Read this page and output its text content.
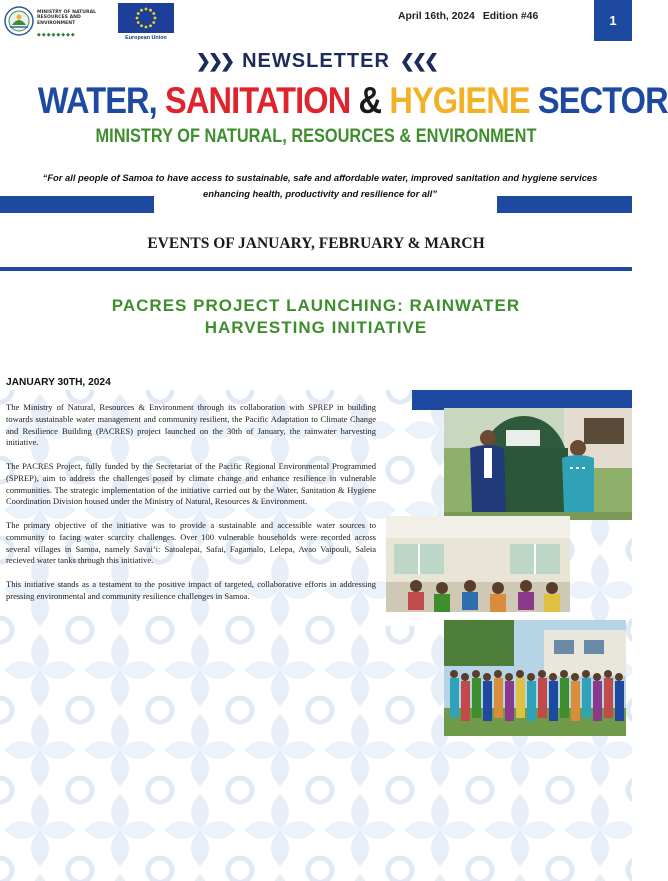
MINISTRY OF NATURAL RESOURCES AND ENVIRONMENT
◆◆◆◆◆◆◆◆	European Union
April 16th, 2024 Edition #46	1
❯❯❯ NEWSLETTER ❮❮❮
WATER, SANITATION & HYGIENE SECTOR
MINISTRY OF NATURAL, RESOURCES & ENVIRONMENT
“For all people of Samoa to have access to sustainable, safe and affordable water, improved sanitation and hygiene services enhancing health, productivity and resilience for all”
EVENTS OF JANUARY, FEBRUARY & MARCH
PACRES PROJECT LAUNCHING: RAINWATER HARVESTING INITIATIVE
JANUARY 30TH, 2024

The Ministry of Natural, Resources & Environment through its collaboration with SPREP in building towards sustainable water management and community resilient, the Pacific Adaptation to Climate Change and Resilience Building (PACRES) project launched on the 30th of January, the rainwater harvesting initiative.

The PACRES Project, fully funded by the Secretariat of the Pacific Regional Environmental Programmed (SPREP), aim to address the challenges posed by climate change and enhance resilience in vulnerable communities. The strategic implementation of the initiative carried out by the Water, Sanitation & Hygiene Coordination Division housed under the Ministry of Natural, Resources & Environment.

The primary objective of the initiative was to provide a sustainable and accessible water sources to community to facing water scarcity challenges. Over 100 vulnerable households were recorded across several villages in Samoa, namely Savai’i: Satoalepai, Safai, Fagamalo, Lelepa, Avao Vaipouli, Saleia recieved water tanks through this initiative.

This initiative stands as a testament to the positive impact of targeted, collaborative efforts in addressing pressing environmental and community resilience challenges in Samoa.
